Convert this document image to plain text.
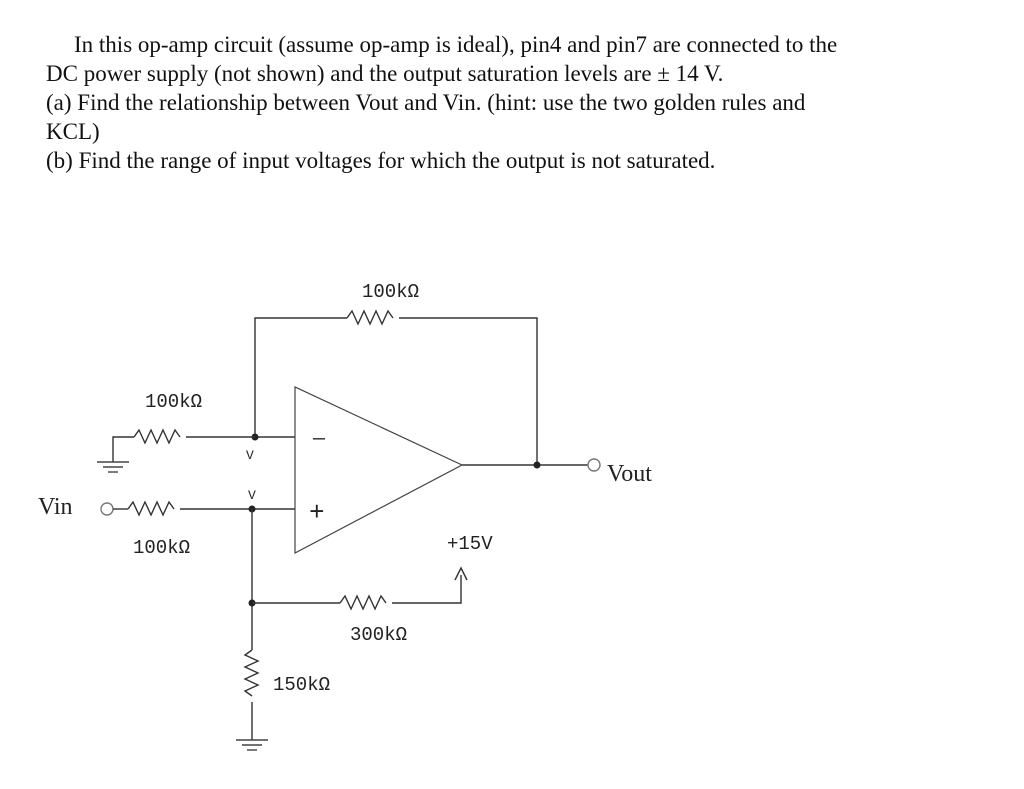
In this op-amp circuit (assume op-amp is ideal), pin4 and pin7 are connected to the
DC power supply (not shown) and the output saturation levels are ± 14 V.
(a) Find the relationship between Vout and Vin. (hint: use the two golden rules and
KCL)
(b) Find the range of input voltages for which the output is not saturated.
100kΩ
100kΩ
100kΩ
300kΩ
150kΩ
+15V
Vin
Vout
V
V
—
+
